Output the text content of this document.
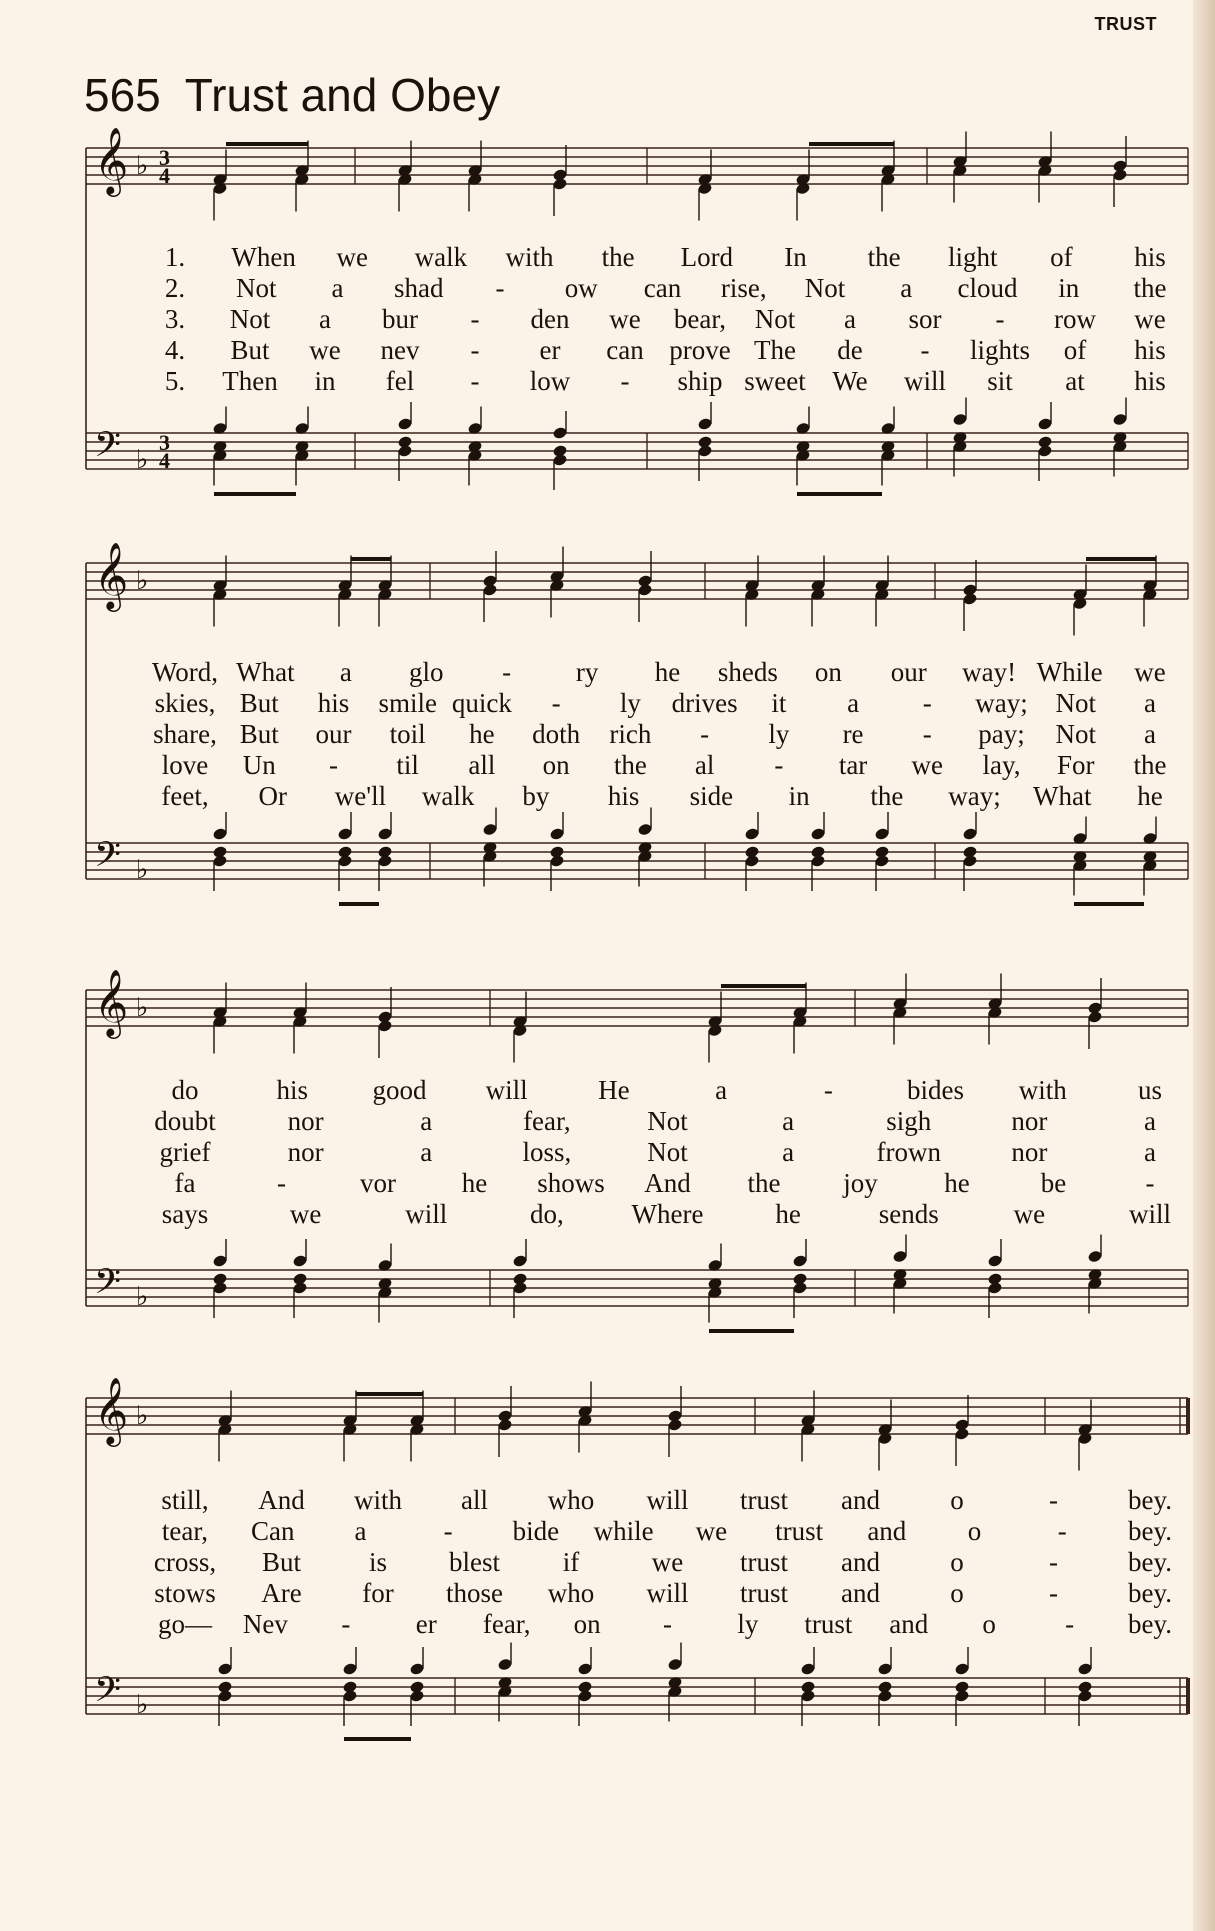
TRUST
565 Trust and Obey
𝄞 ♭ 3
4
𝄢 ♭
3
4
1. When we walk with the Lord In the light of his
2. Not a shad - ow can rise, Not a cloud in the
3. Not a bur - den we bear, Not a sor - row we
4. But we nev - er can prove The de - lights of his
5. Then in fel - low - ship sweet We will sit at his
𝄞 ♭
𝄢 ♭
Word, What a glo - ry he sheds on our way! While we
skies, But his smile quick - ly drives it a - way; Not a
share, But our toil he doth rich - ly re - pay; Not a
love Un - til all on the al - tar we lay, For the
feet, Or we'll walk by his side in the way; What he
𝄞 ♭
𝄢 ♭
do	his good will	He	a	-	bides with	us
doubt	nor	a	fear,	Not	a	sigh	nor	a
grief	nor	a	loss,	Not	a	frown	nor	a
fa	-	vor he shows And the joy he	be	-
says	we	will	do,	Where	he	sends	we	will
𝄞 ♭
𝄢 ♭
still, And with all who will trust and	o	-	bey.
tear, Can a	- bide while we trust and o	- bey.
cross, But	is blest if	we trust and	o	-	bey.
stows Are for those who will trust and	o	-	bey.
go— Nev - er fear, on - ly trust and o	- bey.
